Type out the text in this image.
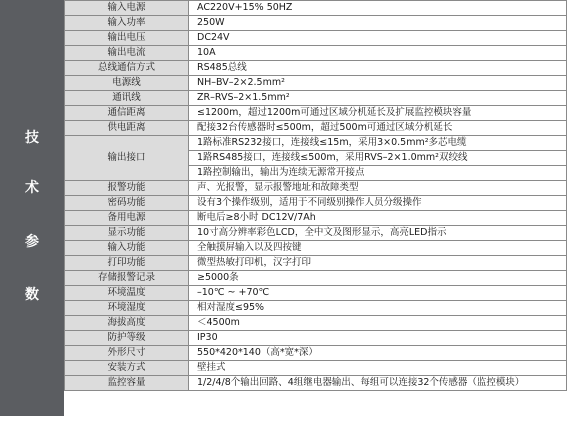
技
术
参
数
输入电源	AC220V+15% 50HZ
输入功率	250W
输出电压	DC24V
输出电流	10A
总线通信方式	RS485总线
电源线	NH–BV–2×2.5mm²
通讯线	ZR–RVS–2×1.5mm²
通信距离	≤1200m，超过1200m可通过区域分机延长及扩展监控模块容量
供电距离	配接32台传感器时≤500m，超过500m可通过区域分机延长
输出接口	1路标准RS232接口，连接线≤15m，采用3×0.5mm²多芯电缆
	1路RS485接口，连接线≤500m，采用RVS–2×1.0mm²双绞线
	1路控制输出，输出为连续无源常开接点
报警功能	声、光报警，显示报警地址和故障类型
密码功能	设有3个操作级别，适用于不同级别操作人员分级操作
备用电源	断电后≥8小时 DC12V/7Ah
显示功能	10寸高分辨率彩色LCD，全中文及图形显示，高亮LED指示
输入功能	全触摸屏输入以及四按键
打印功能	微型热敏打印机，汉字打印
存储报警记录	≥5000条
环境温度	–10℃ ~ +70℃
环境湿度	相对湿度≤95%
海拔高度	＜4500m
防护等级	IP30
外形尺寸	550*420*140（高*宽*深）
安装方式	壁挂式
监控容量	1/2/4/8个输出回路、4组继电器输出、每组可以连接32个传感器（监控模块）
